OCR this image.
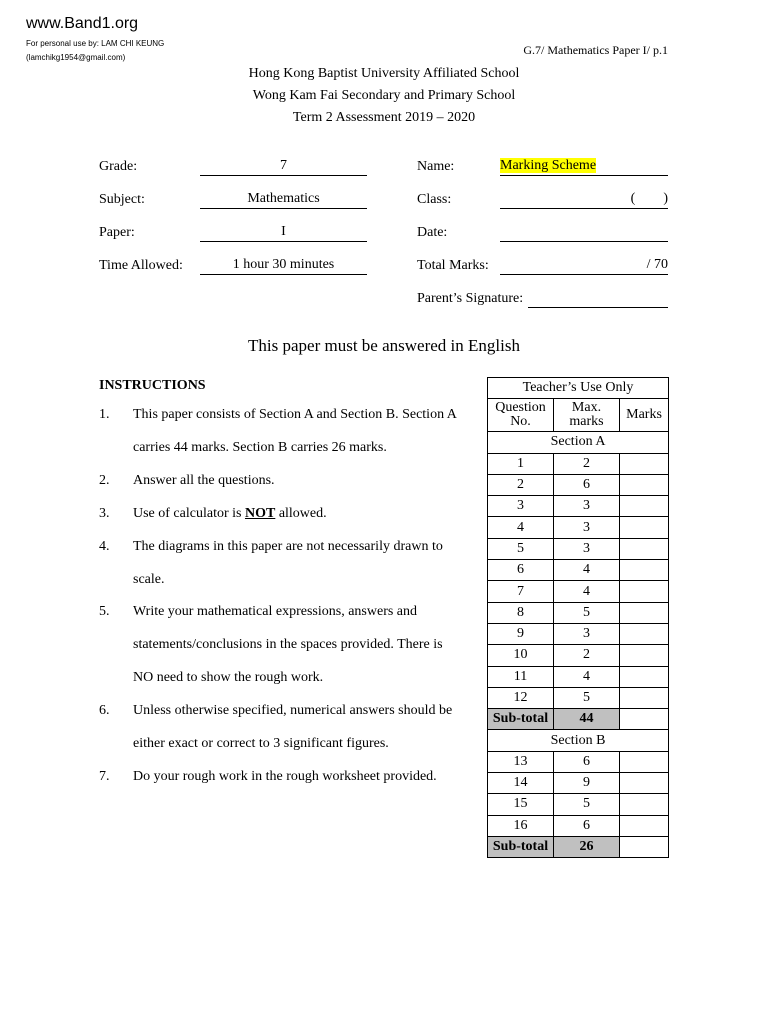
www.Band1.org
For personal use by: LAM CHI KEUNG
(lamchikg1954@gmail.com)
G.7/ Mathematics Paper I/ p.1
Hong Kong Baptist University Affiliated School
Wong Kam Fai Secondary and Primary School
Term 2 Assessment 2019 – 2020
Grade:	7
Subject:	Mathematics
Paper:	I
Time Allowed:	1 hour 30 minutes
Name:	Marking Scheme
Class:	(        )
Date:
Total Marks:	/ 70
Parent’s Signature:
This paper must be answered in English
INSTRUCTIONS
1. This paper consists of Section A and Section B. Section A
carries 44 marks. Section B carries 26 marks.
2. Answer all the questions.
3. Use of calculator is NOT allowed.
4. The diagrams in this paper are not necessarily drawn to
scale.
5. Write your mathematical expressions, answers and
statements/conclusions in the spaces provided. There is
NO need to show the rough work.
6. Unless otherwise specified, numerical answers should be
either exact or correct to 3 significant figures.
7. Do your rough work in the rough worksheet provided.
Teacher’s Use Only		
Question No.	Max. marks	Marks
Section A		
1	2	
2	6	
3	3	
4	3	
5	3	
6	4	
7	4	
8	5	
9	3	
10	2	
11	4	
12	5	
Sub-total	44	
Section B		
13	6	
14	9	
15	5	
16	6	
Sub-total	26	
